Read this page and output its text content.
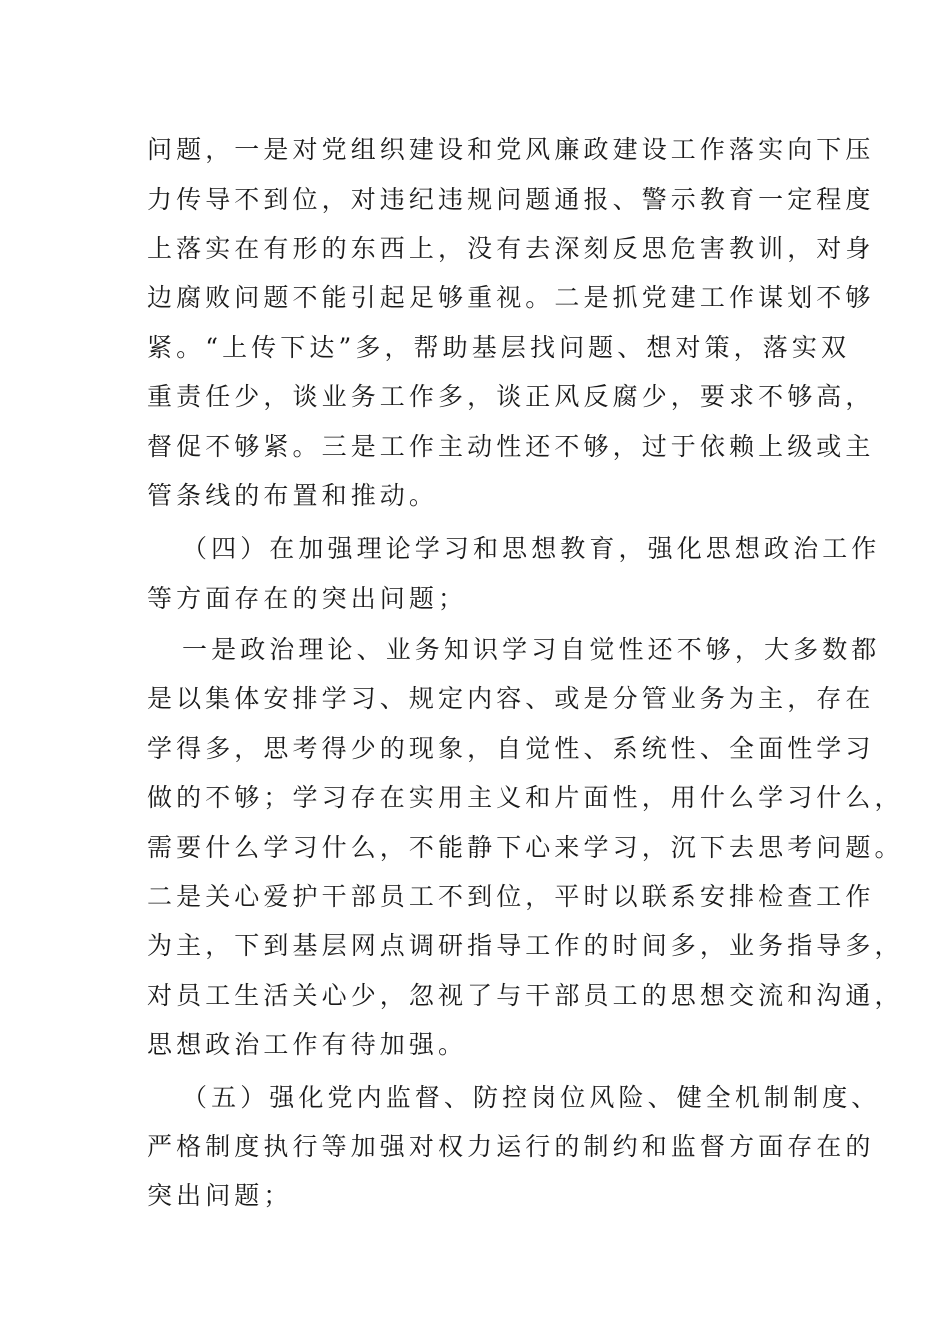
问题，一是对党组织建设和党风廉政建设工作落实向下压
力传导不到位，对违纪违规问题通报、警示教育一定程度
上落实在有形的东西上，没有去深刻反思危害教训，对身
边腐败问题不能引起足够重视。二是抓党建工作谋划不够
紧。“上传下达”多，帮助基层找问题、想对策，落实双
重责任少，谈业务工作多，谈正风反腐少，要求不够高，
督促不够紧。三是工作主动性还不够，过于依赖上级或主
管条线的布置和推动。
（四）在加强理论学习和思想教育，强化思想政治工作
等方面存在的突出问题；
一是政治理论、业务知识学习自觉性还不够，大多数都
是以集体安排学习、规定内容、或是分管业务为主，存在
学得多，思考得少的现象，自觉性、系统性、全面性学习
做的不够；学习存在实用主义和片面性，用什么学习什么，
需要什么学习什么，不能静下心来学习，沉下去思考问题。
二是关心爱护干部员工不到位，平时以联系安排检查工作
为主，下到基层网点调研指导工作的时间多，业务指导多，
对员工生活关心少，忽视了与干部员工的思想交流和沟通，
思想政治工作有待加强。
（五）强化党内监督、防控岗位风险、健全机制制度、
严格制度执行等加强对权力运行的制约和监督方面存在的
突出问题；
